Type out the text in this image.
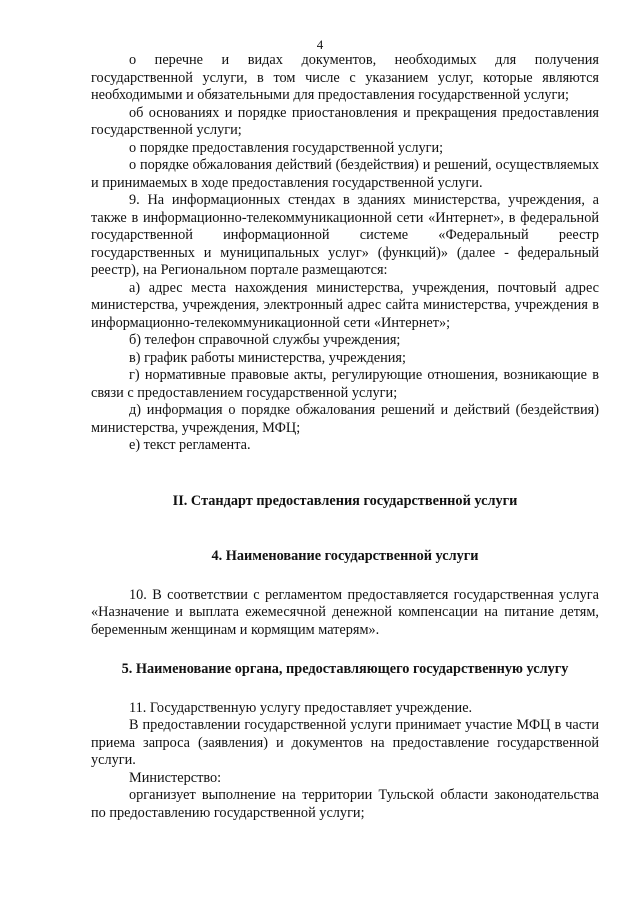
4

о перечне и видах документов, необходимых для получения государственной услуги, в том числе с указанием услуг, которые являются необходимыми и обязательными для предоставления государственной услуги;

об основаниях и порядке приостановления и прекращения предоставления государственной услуги;

о порядке предоставления государственной услуги;

о порядке обжалования действий (бездействия) и решений, осуществляемых и принимаемых в ходе предоставления государственной услуги.

9. На информационных стендах в зданиях министерства, учреждения, а также в информационно-телекоммуникационной сети «Интернет», в федеральной государственной информационной системе «Федеральный реестр государственных и муниципальных услуг» (функций)» (далее - федеральный реестр), на Региональном портале размещаются:

а) адрес места нахождения министерства, учреждения, почтовый адрес министерства, учреждения, электронный адрес сайта министерства, учреждения в информационно-телекоммуникационной сети «Интернет»;

б) телефон справочной службы учреждения;

в) график работы министерства, учреждения;

г) нормативные правовые акты, регулирующие отношения, возникающие в связи с предоставлением государственной услуги;

д) информация о порядке обжалования решений и действий (бездействия) министерства, учреждения, МФЦ;

е) текст регламента.

II. Стандарт предоставления государственной услуги
4. Наименование государственной услуги

10. В соответствии с регламентом предоставляется государственная услуга «Назначение и выплата ежемесячной денежной компенсации на питание детям, беременным женщинам и кормящим матерям».

5. Наименование органа, предоставляющего государственную услугу

11. Государственную услугу предоставляет учреждение.

В предоставлении государственной услуги принимает участие МФЦ в части приема запроса (заявления) и документов на предоставление государственной услуги.

Министерство:

организует выполнение на территории Тульской области законодательства по предоставлению государственной услуги;
